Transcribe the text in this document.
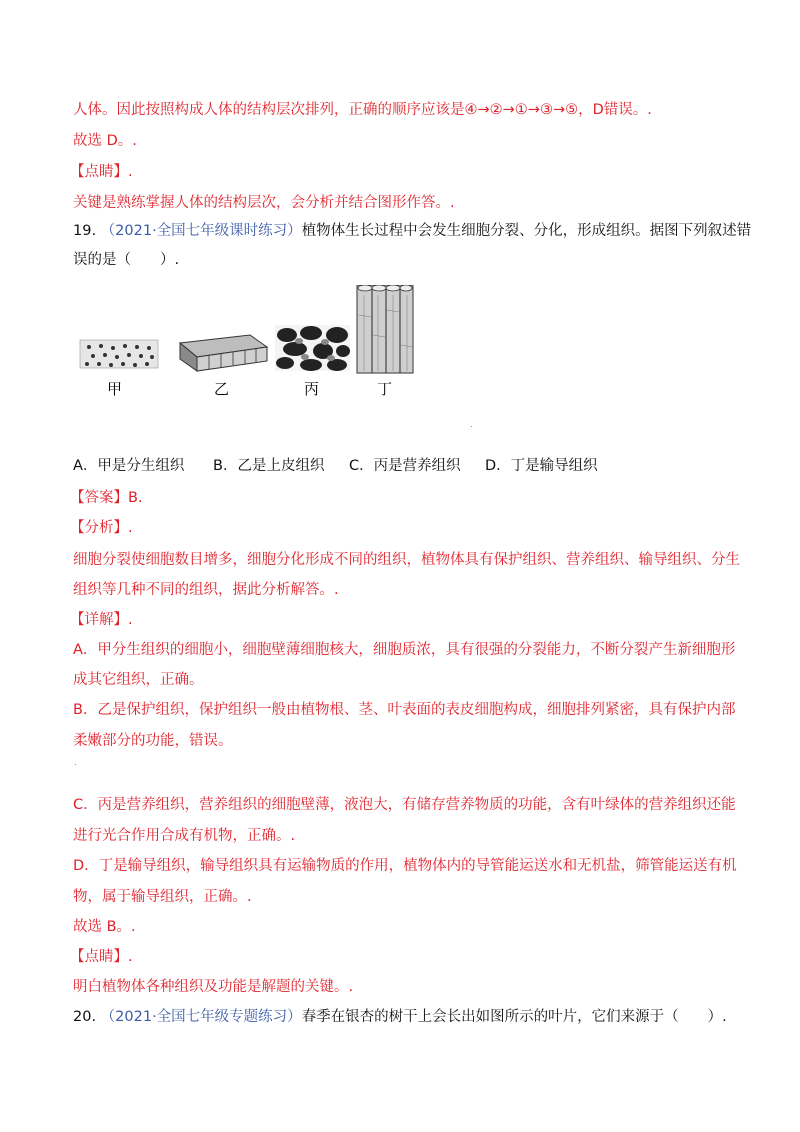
人体。因此按照构成人体的结构层次排列，正确的顺序应该是④→②→①→③→⑤，D错误。.
故选 D。.
【点睛】.
关键是熟练掌握人体的结构层次，会分析并结合图形作答。.
19. （2021·全国七年级课时练习）植物体生长过程中会发生细胞分裂、分化，形成组织。据图下列叙述错
误的是（　　）.
甲	乙	丙	丁
.
A．甲是分生组织 B．乙是上皮组织 C．丙是营养组织 D．丁是输导组织
【答案】B.
【分析】.
细胞分裂使细胞数目增多，细胞分化形成不同的组织，植物体具有保护组织、营养组织、输导组织、分生
组织等几种不同的组织，据此分析解答。.
【详解】.
A．甲分生组织的细胞小，细胞壁薄细胞核大，细胞质浓，具有很强的分裂能力，不断分裂产生新细胞形
成其它组织，正确。
B．乙是保护组织，保护组织一般由植物根、茎、叶表面的表皮细胞构成，细胞排列紧密，具有保护内部
柔嫩部分的功能，错误。
.
C．丙是营养组织，营养组织的细胞壁薄，液泡大，有储存营养物质的功能，含有叶绿体的营养组织还能
进行光合作用合成有机物，正确。.
D．丁是输导组织，输导组织具有运输物质的作用，植物体内的导管能运送水和无机盐，筛管能运送有机
物，属于输导组织，正确。.
故选 B。.
【点睛】.
明白植物体各种组织及功能是解题的关键。.
20. （2021·全国七年级专题练习）春季在银杏的树干上会长出如图所示的叶片，它们来源于（　　）.
